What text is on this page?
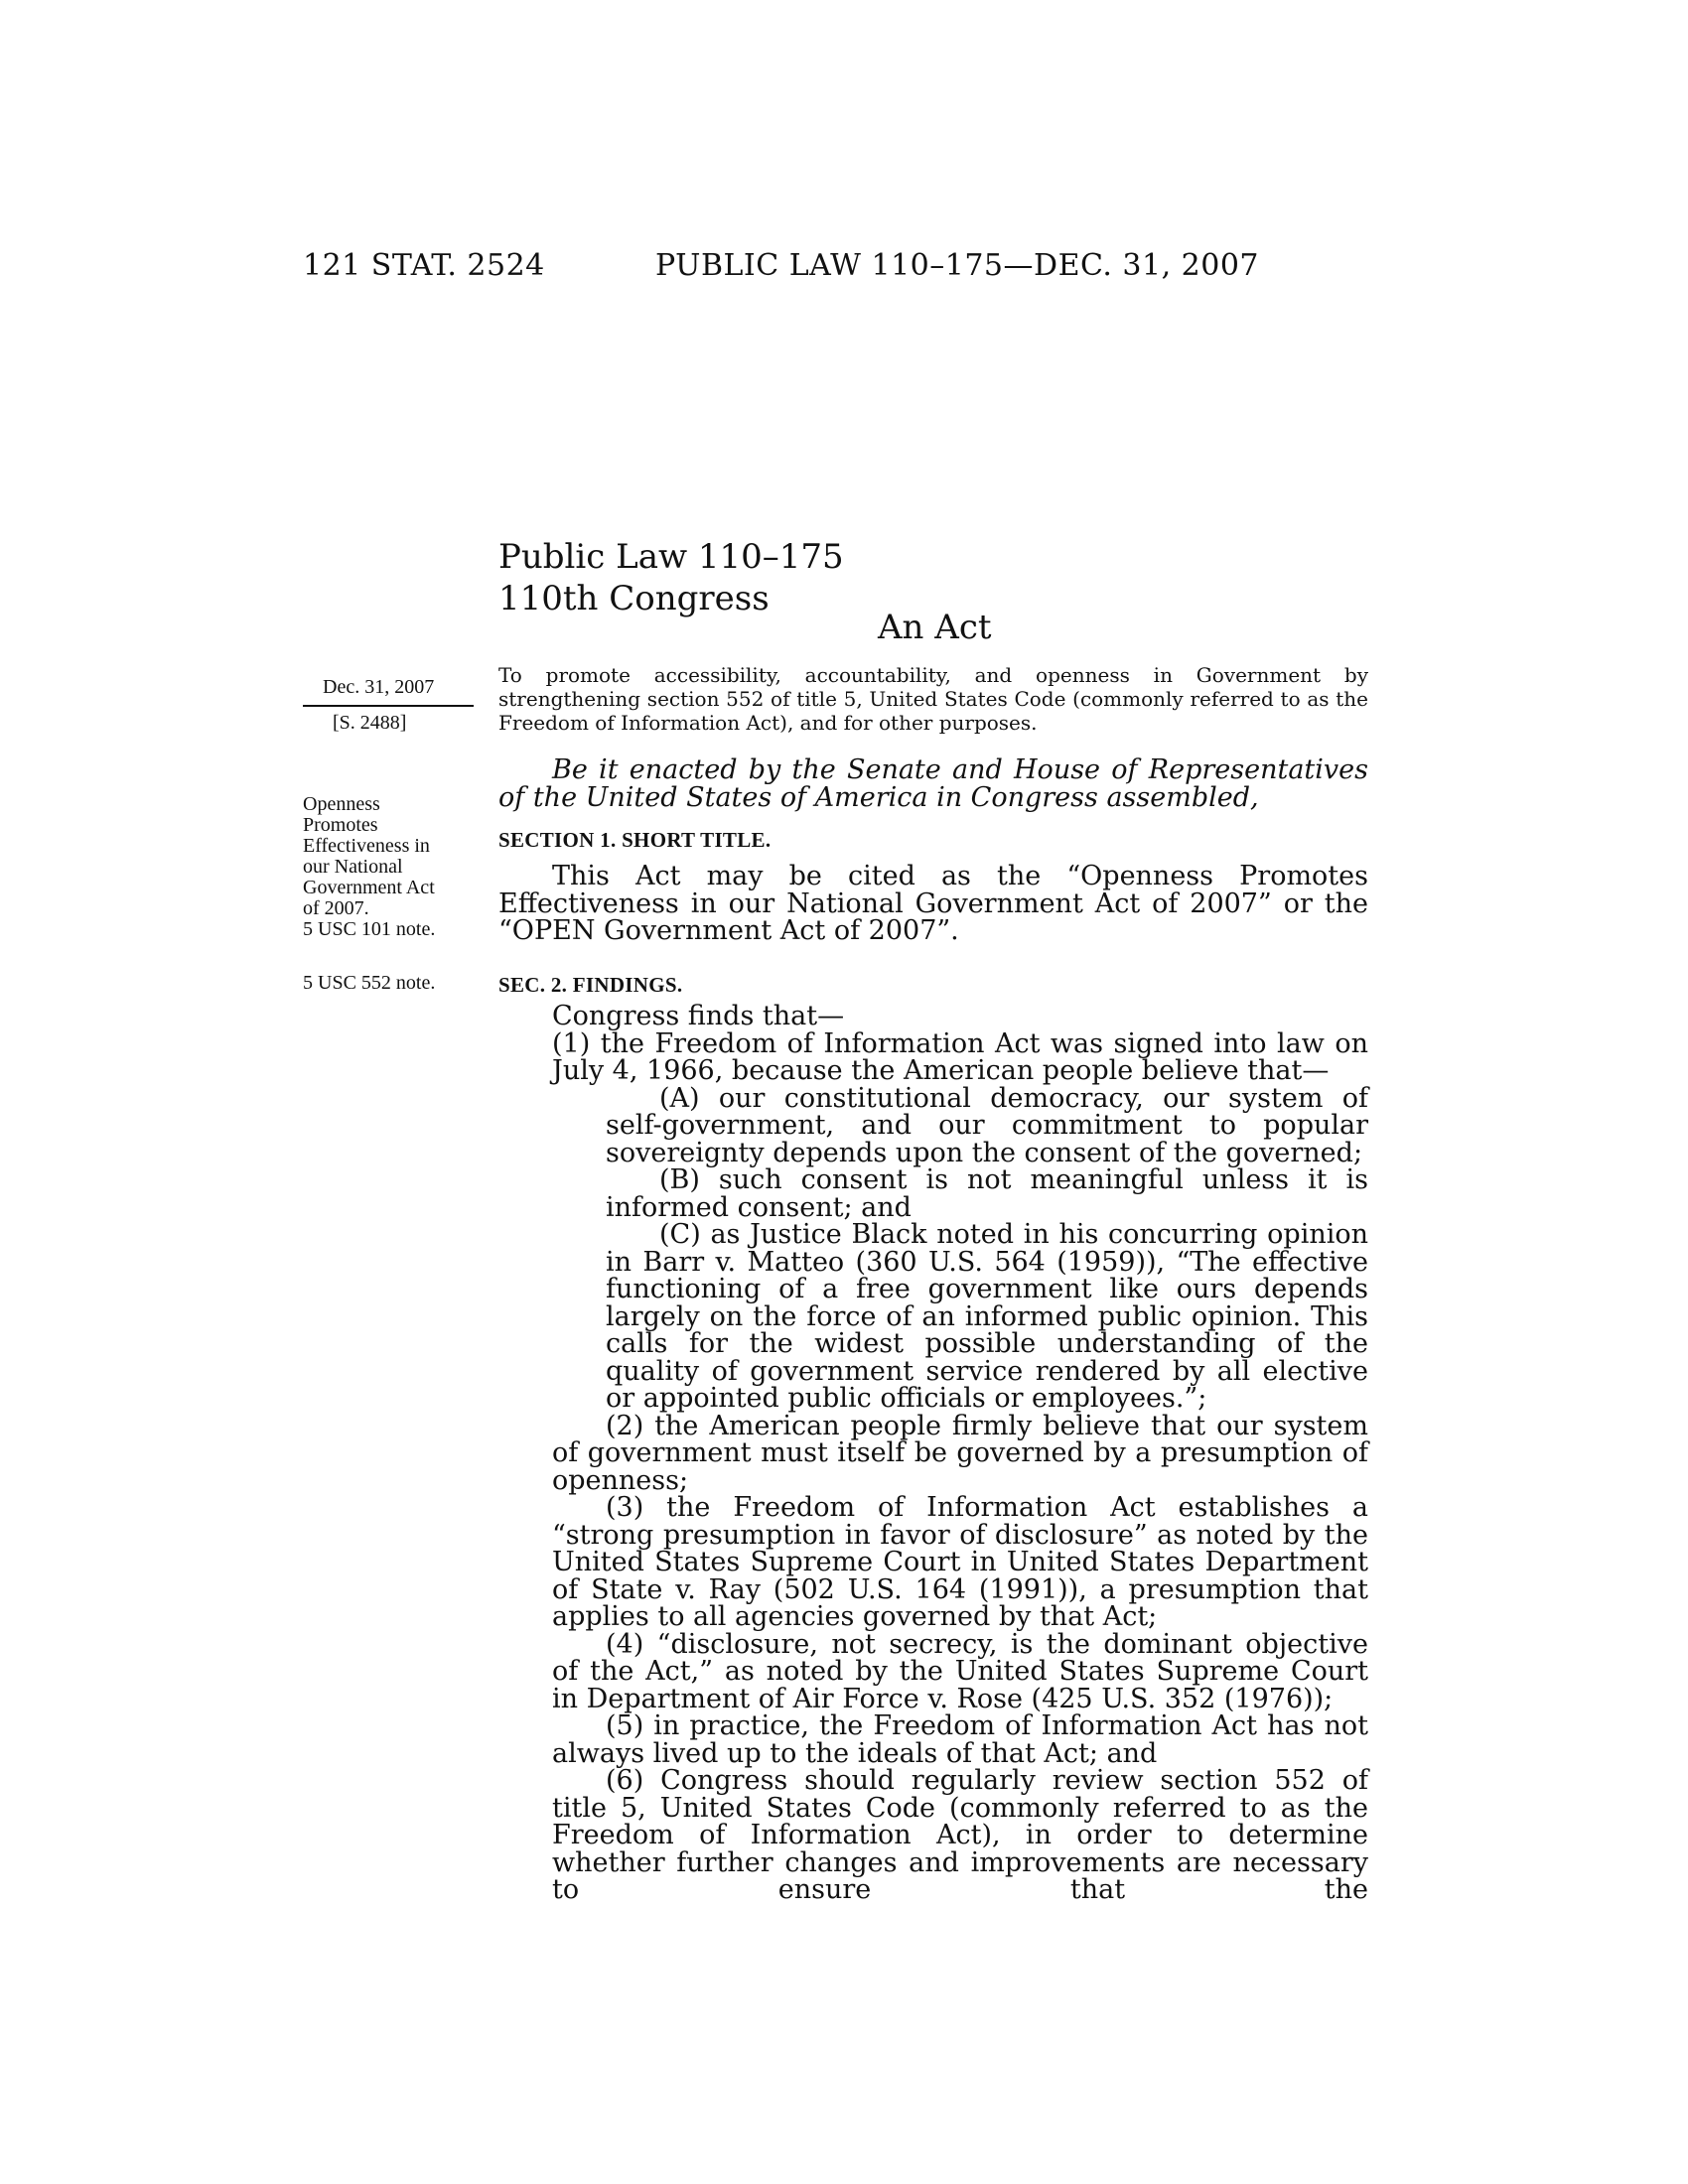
121 STAT. 2524	PUBLIC LAW 110–175—DEC. 31, 2007
Public Law 110–175
110th Congress
An Act
Dec. 31, 2007
[S. 2488]
Openness
Promotes
Effectiveness in
our National
Government Act
of 2007.
5 USC 101 note.
5 USC 552 note.
To promote accessibility, accountability, and openness in Government by strengthening section 552 of title 5, United States Code (commonly referred to as the Freedom of Information Act), and for other purposes.
Be it enacted by the Senate and House of Representatives of the United States of America in Congress assembled,
SECTION 1. SHORT TITLE.
This Act may be cited as the “Openness Promotes Effectiveness in our National Government Act of 2007” or the “OPEN Government Act of 2007”.
SEC. 2. FINDINGS.

Congress finds that—

(1) the Freedom of Information Act was signed into law on July 4, 1966, because the American people believe that—

(A) our constitutional democracy, our system of self-government, and our commitment to popular sovereignty depends upon the consent of the governed;

(B) such consent is not meaningful unless it is informed consent; and

(C) as Justice Black noted in his concurring opinion in Barr v. Matteo (360 U.S. 564 (1959)), “The effective functioning of a free government like ours depends largely on the force of an informed public opinion. This calls for the widest possible understanding of the quality of government service rendered by all elective or appointed public officials or employees.”;

(2) the American people firmly believe that our system of government must itself be governed by a presumption of openness;

(3) the Freedom of Information Act establishes a “strong presumption in favor of disclosure” as noted by the United States Supreme Court in United States Department of State v. Ray (502 U.S. 164 (1991)), a presumption that applies to all agencies governed by that Act;

(4) “disclosure, not secrecy, is the dominant objective of the Act,” as noted by the United States Supreme Court in Department of Air Force v. Rose (425 U.S. 352 (1976));

(5) in practice, the Freedom of Information Act has not always lived up to the ideals of that Act; and

(6) Congress should regularly review section 552 of title 5, United States Code (commonly referred to as the Freedom of Information Act), in order to determine whether further changes and improvements are necessary to ensure that the
